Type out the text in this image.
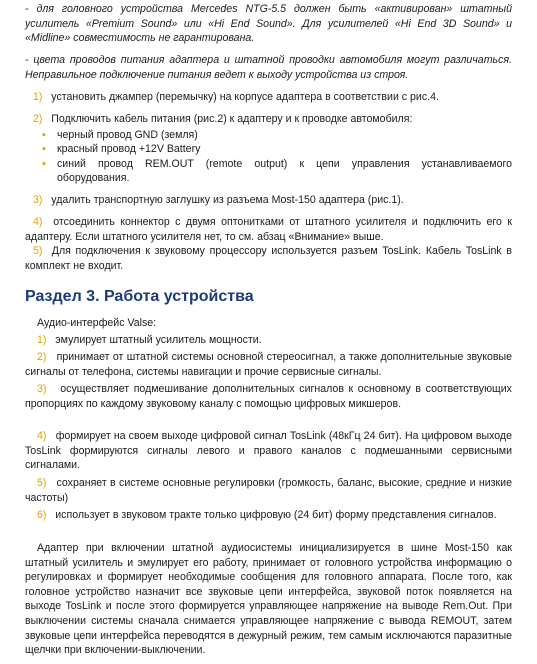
- для головного устройства Mercedes NTG-5.5 должен быть «активирован» штатный усилитель «Premium Sound» или «Hi End Sound». Для усилителей «Hi End 3D Sound» и «Midline» совместимость не гарантирована.

- цвета проводов питания адаптера и штатной проводки автомобиля могут различаться. Неправильное подключение питания ведет к выходу устройства из строя.

1) установить джампер (перемычку) на корпусе адаптера в соответствии с рис.4.

2) Подключить кабель питания (рис.2) к адаптеру и к проводке автомобиля:
▪ черный провод GND (земля)
▪ красный провод +12V Battery
▪ синий провод REM.OUT (remote output) к цепи управления устанавливаемого оборудования.

3) удалить транспортную заглушку из разъема Most-150 адаптера (рис.1).

4) отсоединить коннектор с двумя оптонитками от штатного усилителя и подключить его к адаптеру. Если штатного усилителя нет, то см. абзац «Внимание» выше.

5) Для подключения к звуковому процессору используется разъем TosLink. Кабель TosLink в комплект не входит.

Раздел 3. Работа устройства

Аудио-интерфейс Valse:

1) эмулирует штатный усилитель мощности.

2) принимает от штатной системы основной стереосигнал, а также дополнительные звуковые сигналы от телефона, системы навигации и прочие сервисные сигналы.

3) осуществляет подмешивание дополнительных сигналов к основному в соответствующих пропорциях по каждому звуковому каналу с помощью цифровых микшеров.

4) формирует на своем выходе цифровой сигнал TosLink (48кГц 24 бит). На цифровом выходе TosLink формируются сигналы левого и правого каналов с подмешанными сервисными сигналами.

5) сохраняет в системе основные регулировки (громкость, баланс, высокие, средние и низкие частоты)

6) использует в звуковом тракте только цифровую (24 бит) форму представления сигналов.

Адаптер при включении штатной аудиосистемы инициализируется в шине Most-150 как штатный усилитель и эмулирует его работу, принимает от головного устройства информацию о регулировках и формирует необходимые сообщения для головного аппарата. После того, как головное устройство назначит все звуковые цепи интерфейса, звуковой поток появляется на выходе TosLink и после этого формируется управляющее напряжение на выводе Rem.Out. При выключении системы сначала снимается управляющее напряжение с вывода REMOUT, затем звуковые цепи интерфейса переводятся в дежурный режим, тем самым исключаются паразитные щелчки при включении-выключении.
